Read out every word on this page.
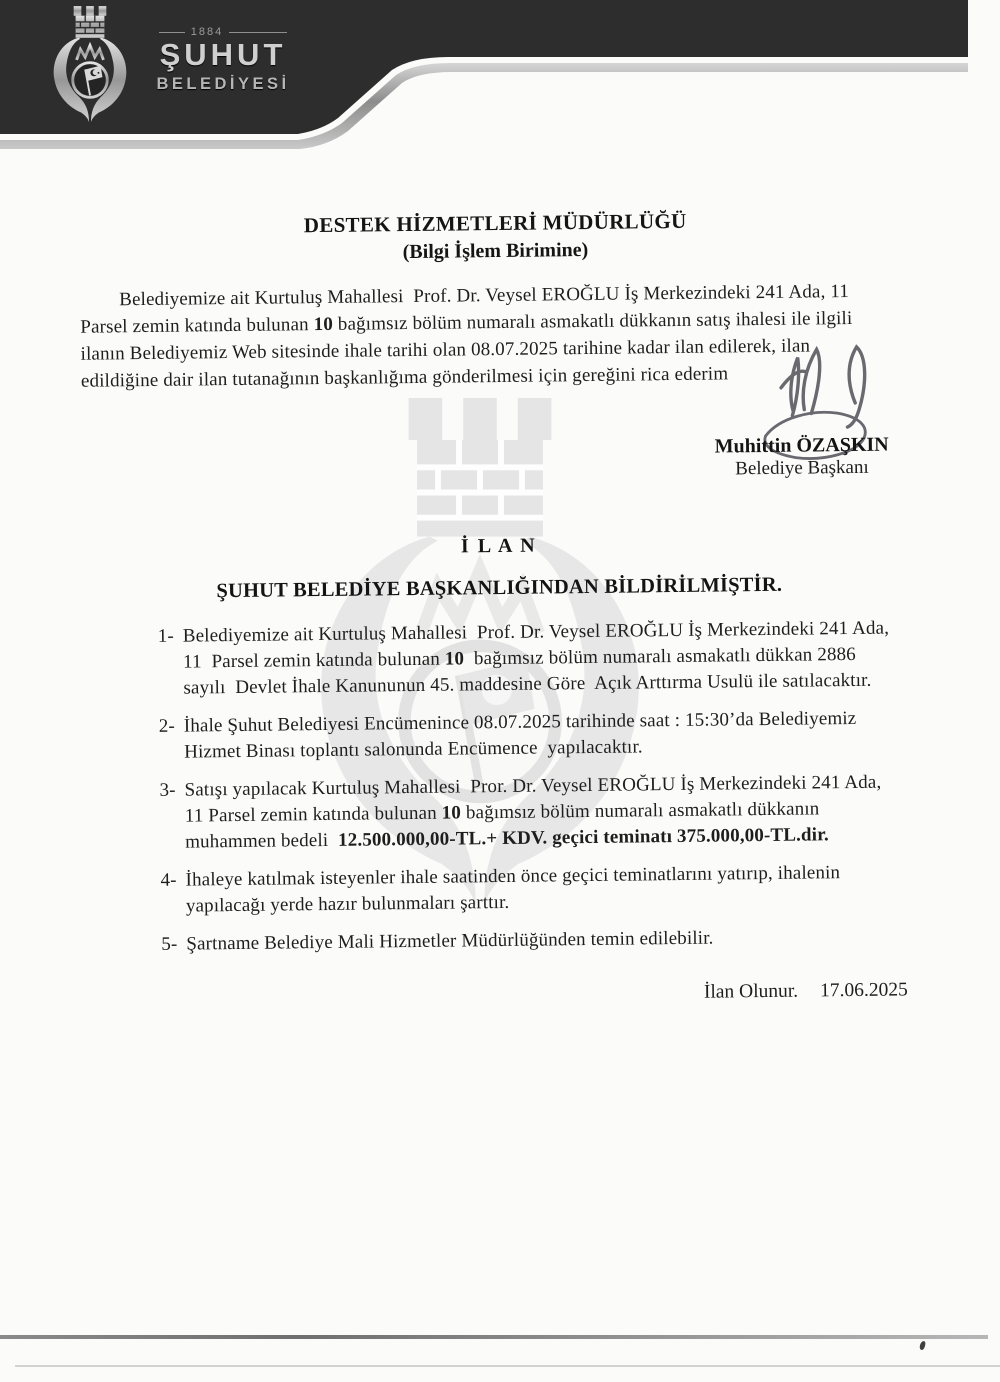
1884
ŞUHUT
BELEDİYESİ
DESTEK HİZMETLERİ MÜDÜRLÜĞÜ
(Bilgi İşlem Birimine)
Belediyemize ait Kurtuluş Mahallesi  Prof. Dr. Veysel EROĞLU İş Merkezindeki 241 Ada, 11
Parsel zemin katında bulunan 10 bağımsız bölüm numaralı asmakatlı dükkanın satış ihalesi ile ilgili
ilanın Belediyemiz Web sitesinde ihale tarihi olan 08.07.2025 tarihine kadar ilan edilerek, ilan
edildiğine dair ilan tutanağının başkanlığıma gönderilmesi için gereğini rica ederim
Muhittin ÖZAŞKIN
Belediye Başkanı
İ L A N
ŞUHUT BELEDİYE BAŞKANLIĞINDAN BİLDİRİLMİŞTİR.
1- Belediyemize ait Kurtuluş Mahallesi  Prof. Dr. Veysel EROĞLU İş Merkezindeki 241 Ada,
11  Parsel zemin katında bulunan 10  bağımsız bölüm numaralı asmakatlı dükkan 2886
sayılı  Devlet İhale Kanununun 45. maddesine Göre  Açık Arttırma Usulü ile satılacaktır.
2- İhale Şuhut Belediyesi Encümenince 08.07.2025 tarihinde saat : 15:30’da Belediyemiz
Hizmet Binası toplantı salonunda Encümence  yapılacaktır.
3- Satışı yapılacak Kurtuluş Mahallesi  Pror. Dr. Veysel EROĞLU İş Merkezindeki 241 Ada,
11 Parsel zemin katında bulunan 10 bağımsız bölüm numaralı asmakatlı dükkanın
muhammen bedeli  12.500.000,00-TL.+ KDV. geçici teminatı 375.000,00-TL.dir.
4- İhaleye katılmak isteyenler ihale saatinden önce geçici teminatlarını yatırıp, ihalenin
yapılacağı yerde hazır bulunmaları şarttır.
5- Şartname Belediye Mali Hizmetler Müdürlüğünden temin edilebilir.
İlan Olunur. 17.06.2025
